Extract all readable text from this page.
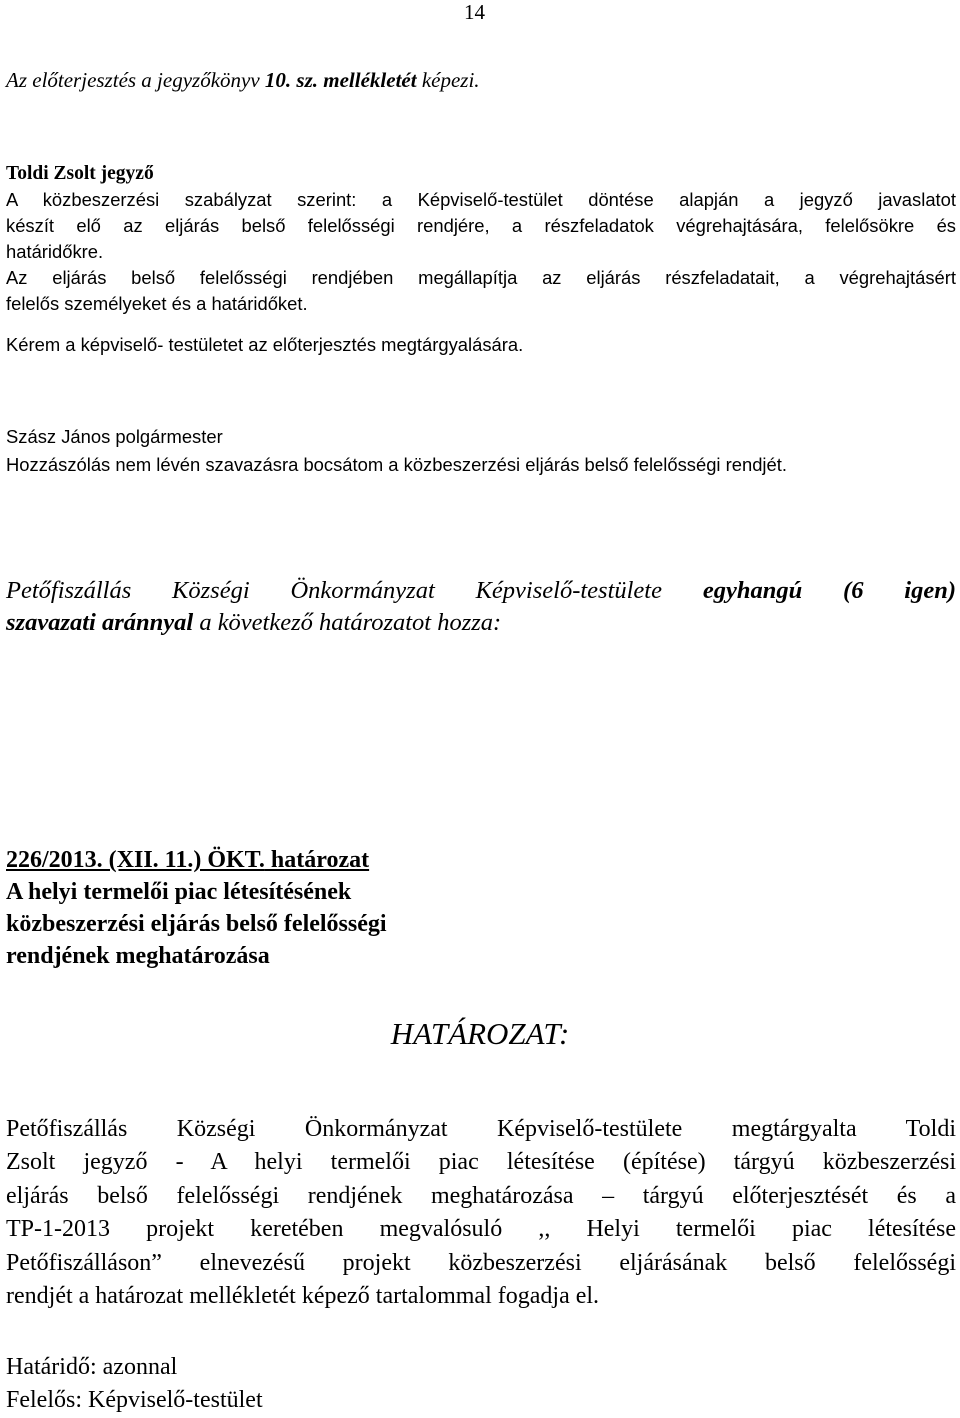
14
Az előterjesztés a jegyzőkönyv 10. sz. mellékletét képezi.

Toldi Zsolt jegyző

A közbeszerzési szabályzat szerint: a Képviselő-testület döntése alapján a jegyző javaslatot

készít elő az eljárás belső felelősségi rendjére, a részfeladatok végrehajtására, felelősökre és

határidőkre.

Az eljárás belső felelősségi rendjében megállapítja az eljárás részfeladatait, a végrehajtásért

felelős személyeket és a határidőket.

Kérem a képviselő- testületet az előterjesztés megtárgyalására.

Szász János polgármester

Hozzászólás nem lévén szavazásra bocsátom a közbeszerzési eljárás belső felelősségi rendjét.

Petőfiszállás Községi Önkormányzat Képviselő-testülete egyhangú (6 igen)

szavazati aránnyal a következő határozatot hozza:

226/2013. (XII. 11.) ÖKT. határozat

A helyi termelői piac létesítésének

közbeszerzési eljárás belső felelősségi

rendjének meghatározása

HATÁROZAT:

Petőfiszállás Községi Önkormányzat Képviselő-testülete megtárgyalta Toldi

Zsolt jegyző - A helyi termelői piac létesítése (építése) tárgyú közbeszerzési

eljárás belső felelősségi rendjének meghatározása – tárgyú előterjesztését és a

TP-1-2013 projekt keretében megvalósuló ,, Helyi termelői piac létesítése

Petőfiszálláson” elnevezésű projekt közbeszerzési eljárásának belső felelősségi

rendjét a határozat mellékletét képező tartalommal fogadja el.

Határidő: azonnal

Felelős: Képviselő-testület
